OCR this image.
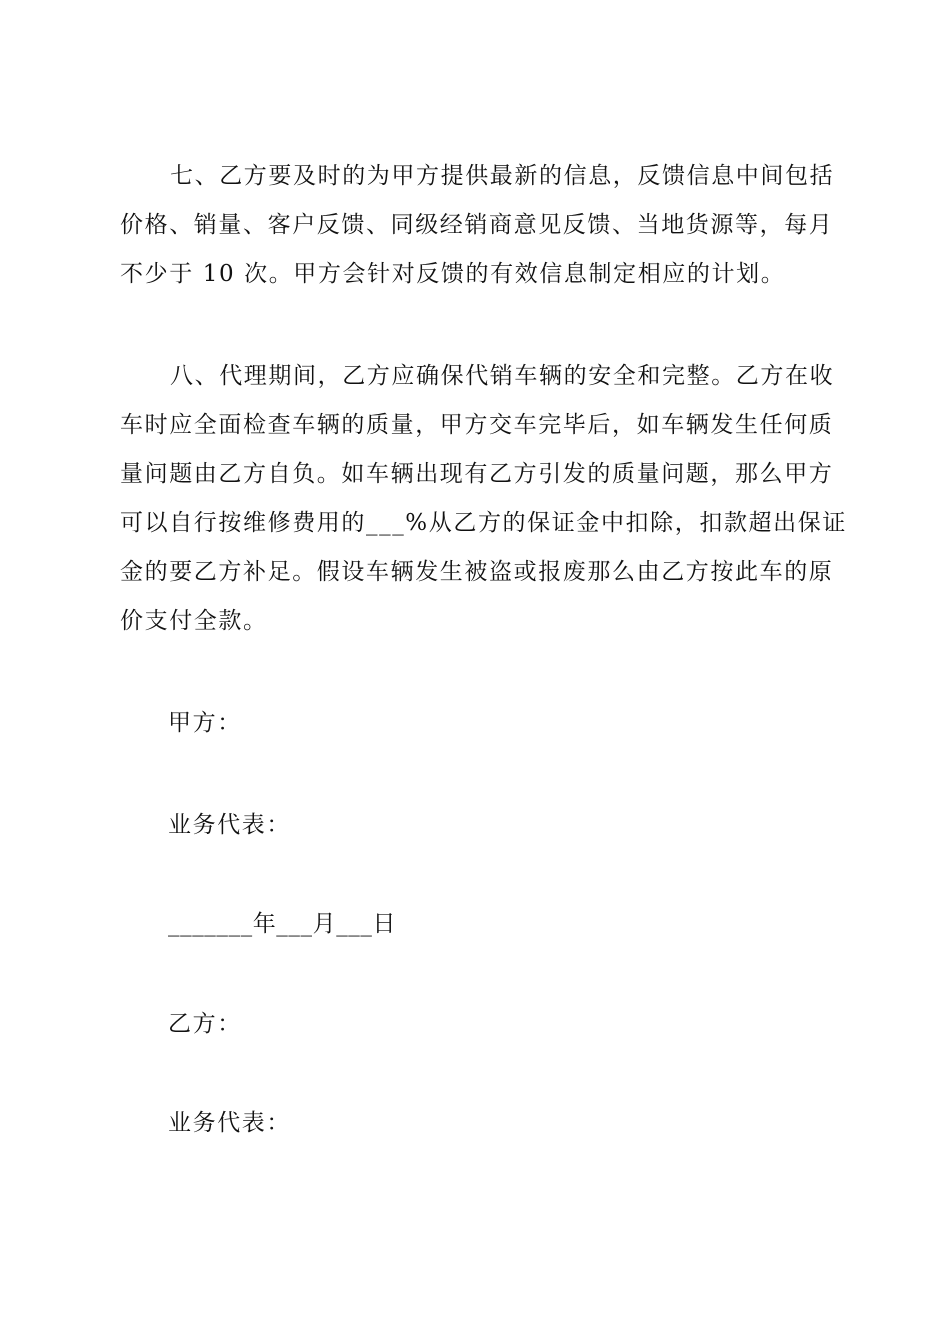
七、乙方要及时的为甲方提供最新的信息，反馈信息中间包括
价格、销量、客户反馈、同级经销商意见反馈、当地货源等，每月
不少于 10 次。甲方会针对反馈的有效信息制定相应的计划。
八、代理期间，乙方应确保代销车辆的安全和完整。乙方在收
车时应全面检查车辆的质量，甲方交车完毕后，如车辆发生任何质
量问题由乙方自负。如车辆出现有乙方引发的质量问题，那么甲方
可以自行按维修费用的___%从乙方的保证金中扣除，扣款超出保证
金的要乙方补足。假设车辆发生被盗或报废那么由乙方按此车的原
价支付全款。

甲方：

业务代表：

_______年___月___日

乙方：

业务代表：
